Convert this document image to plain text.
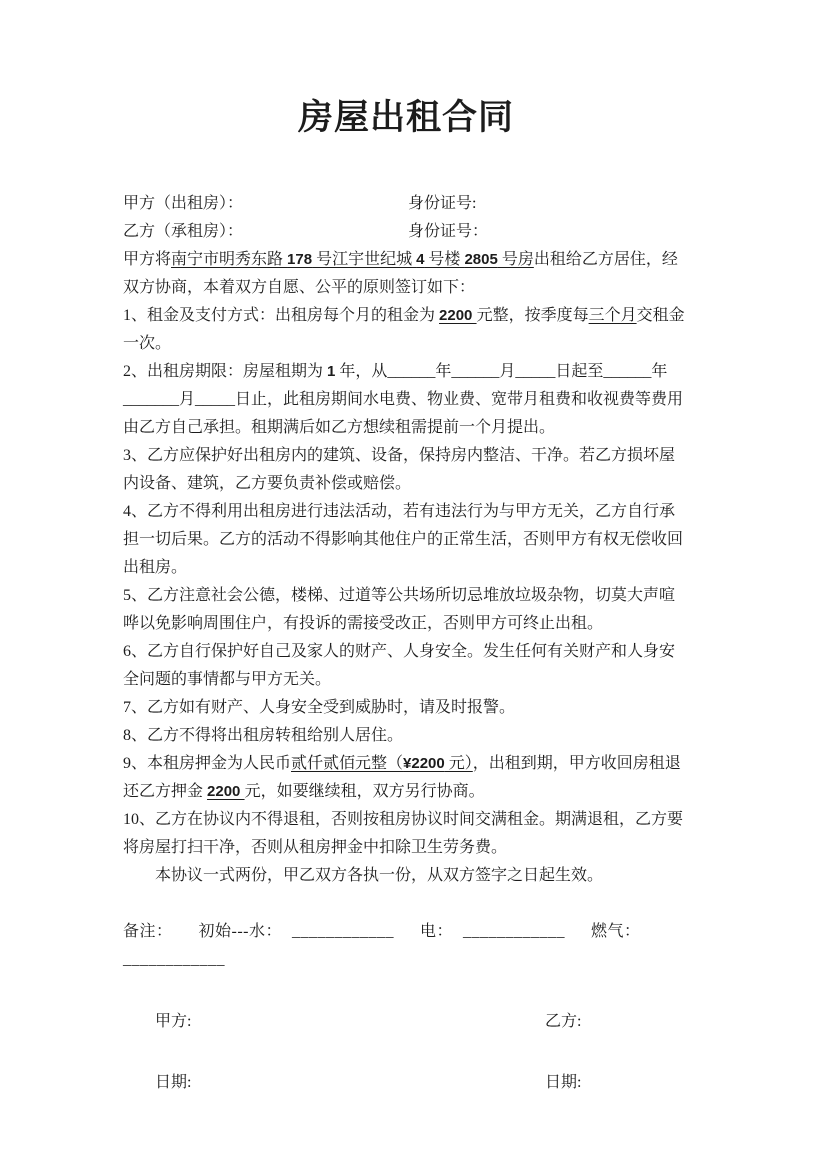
房屋出租合同
甲方（出租房）：	身份证号:
乙方（承租房）：	身份证号：

甲方将南宁市明秀东路 178 号江宇世纪城 4 号楼 2805 号房出租给乙方居住，经双方协商，本着双方自愿、公平的原则签订如下：

1、租金及支付方式：出租房每个月的租金为 2200 元整，按季度每三个月交租金一次。

2、出租房期限：房屋租期为 1 年，从______年______月_____日起至______年
_______月_____日止，此租房期间水电费、物业费、宽带月租费和收视费等费用由乙方自己承担。租期满后如乙方想续租需提前一个月提出。

3、乙方应保护好出租房内的建筑、设备，保持房内整洁、干净。若乙方损坏屋内设备、建筑，乙方要负责补偿或赔偿。

4、乙方不得利用出租房进行违法活动，若有违法行为与甲方无关，乙方自行承担一切后果。乙方的活动不得影响其他住户的正常生活，否则甲方有权无偿收回出租房。

5、乙方注意社会公德，楼梯、过道等公共场所切忌堆放垃圾杂物，切莫大声喧哗以免影响周围住户，有投诉的需接受改正，否则甲方可终止出租。

6、乙方自行保护好自己及家人的财产、人身安全。发生任何有关财产和人身安全问题的事情都与甲方无关。

7、乙方如有财产、人身安全受到威胁时，请及时报警。

8、乙方不得将出租房转租给别人居住。

9、本租房押金为人民币贰仟贰佰元整（¥2200 元），出租到期，甲方收回房租退还乙方押金 2200 元，如要继续租，双方另行协商。

10、乙方在协议内不得退租，否则按租房协议时间交满租金。期满退租，乙方要将房屋打扫干净，否则从租房押金中扣除卫生劳务费。

本协议一式两份，甲乙双方各执一份，从双方签字之日起生效。

备注： 初始---水： ____________ 电： ____________ 燃气：____________
甲方:	乙方:
日期:	日期:
